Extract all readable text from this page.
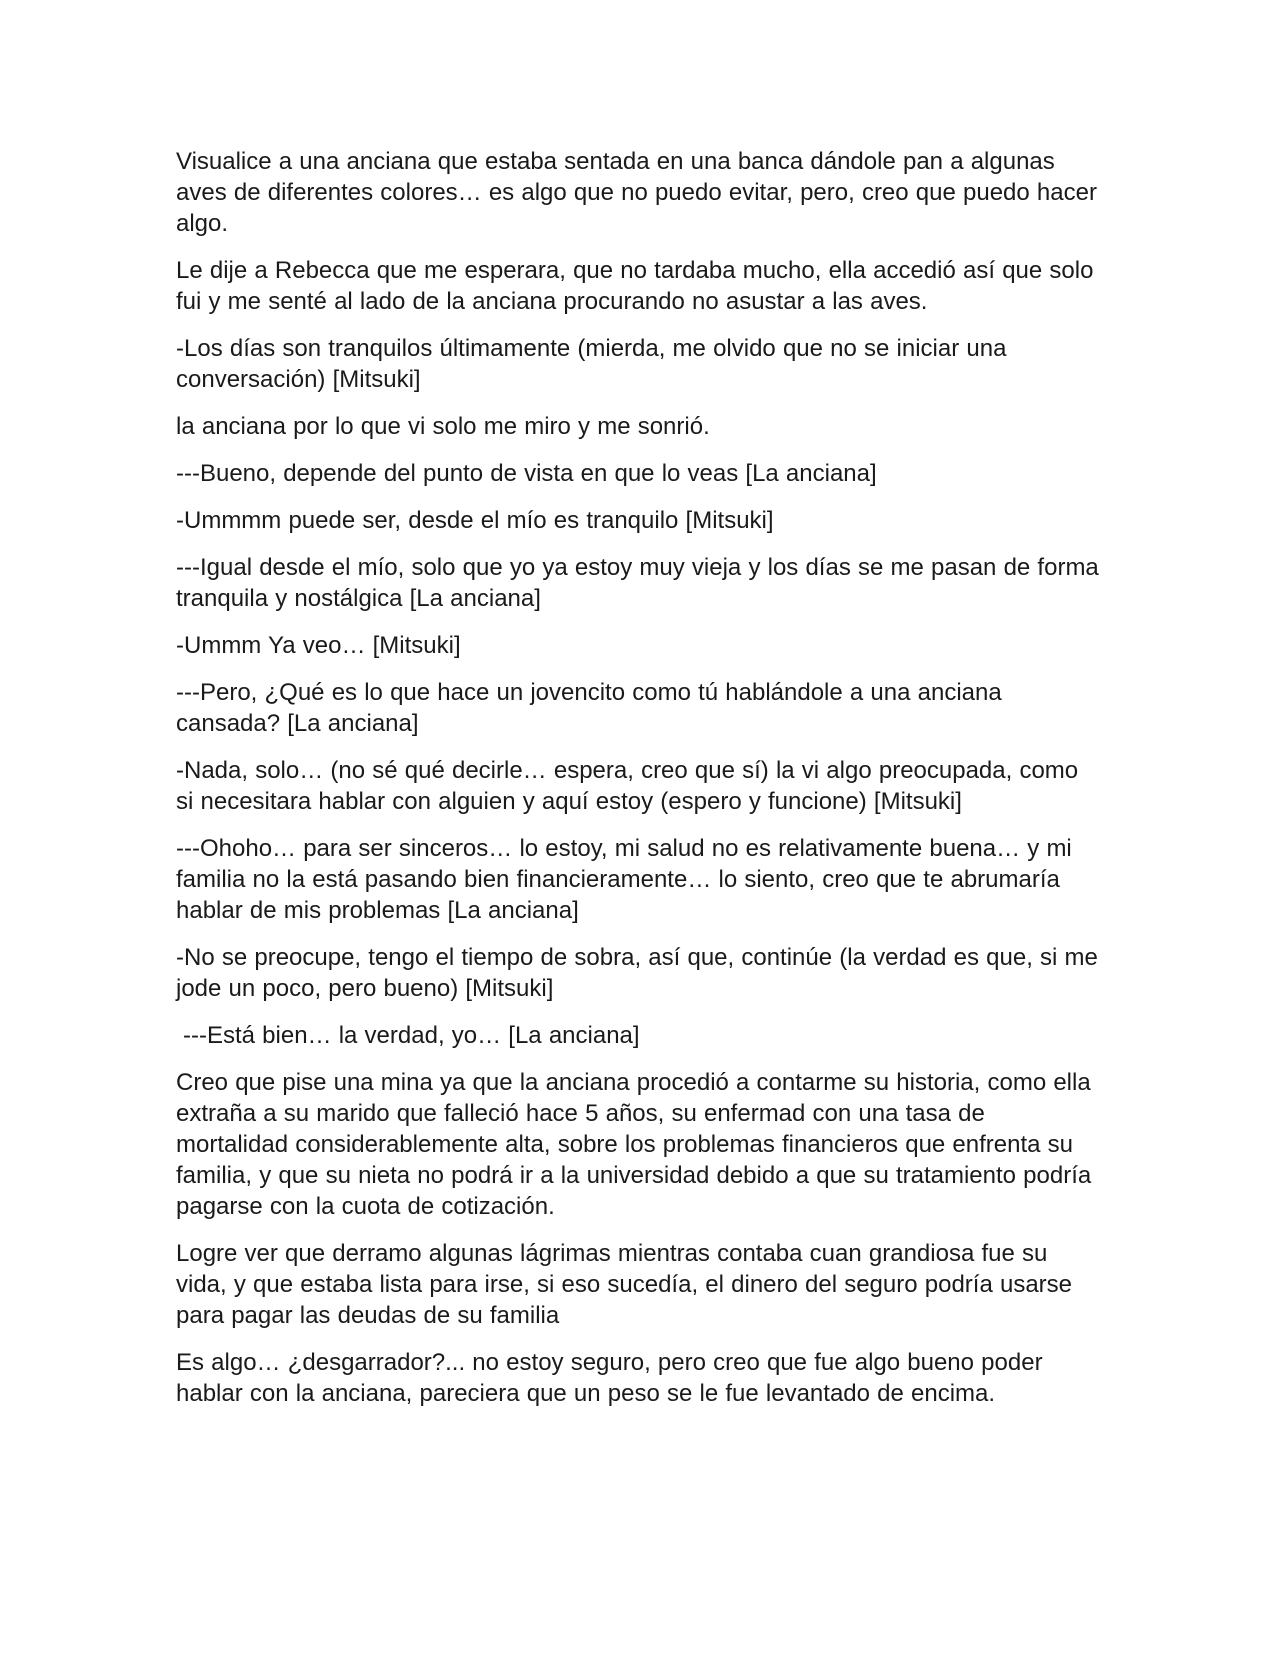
Visualice a una anciana que estaba sentada en una banca dándole pan a algunas aves de diferentes colores… es algo que no puedo evitar, pero, creo que puedo hacer algo.

Le dije a Rebecca que me esperara, que no tardaba mucho, ella accedió así que solo fui y me senté al lado de la anciana procurando no asustar a las aves.

-Los días son tranquilos últimamente (mierda, me olvido que no se iniciar una conversación) [Mitsuki]

la anciana por lo que vi solo me miro y me sonrió.

---Bueno, depende del punto de vista en que lo veas [La anciana]

-Ummmm puede ser, desde el mío es tranquilo [Mitsuki]

---Igual desde el mío, solo que yo ya estoy muy vieja y los días se me pasan de forma tranquila y nostálgica [La anciana]

-Ummm Ya veo… [Mitsuki]

---Pero, ¿Qué es lo que hace un jovencito como tú hablándole a una anciana cansada? [La anciana]

-Nada, solo… (no sé qué decirle… espera, creo que sí) la vi algo preocupada, como si necesitara hablar con alguien y aquí estoy (espero y funcione) [Mitsuki]

---Ohoho… para ser sinceros… lo estoy, mi salud no es relativamente buena… y mi familia no la está pasando bien financieramente… lo siento, creo que te abrumaría hablar de mis problemas [La anciana]

-No se preocupe, tengo el tiempo de sobra, así que, continúe (la verdad es que, si me jode un poco, pero bueno) [Mitsuki]

---Está bien… la verdad, yo… [La anciana]

Creo que pise una mina ya que la anciana procedió a contarme su historia, como ella extraña a su marido que falleció hace 5 años, su enfermad con una tasa de mortalidad considerablemente alta, sobre los problemas financieros que enfrenta su familia, y que su nieta no podrá ir a la universidad debido a que su tratamiento podría pagarse con la cuota de cotización.

Logre ver que derramo algunas lágrimas mientras contaba cuan grandiosa fue su vida, y que estaba lista para irse, si eso sucedía, el dinero del seguro podría usarse para pagar las deudas de su familia

Es algo… ¿desgarrador?... no estoy seguro, pero creo que fue algo bueno poder hablar con la anciana, pareciera que un peso se le fue levantado de encima.
